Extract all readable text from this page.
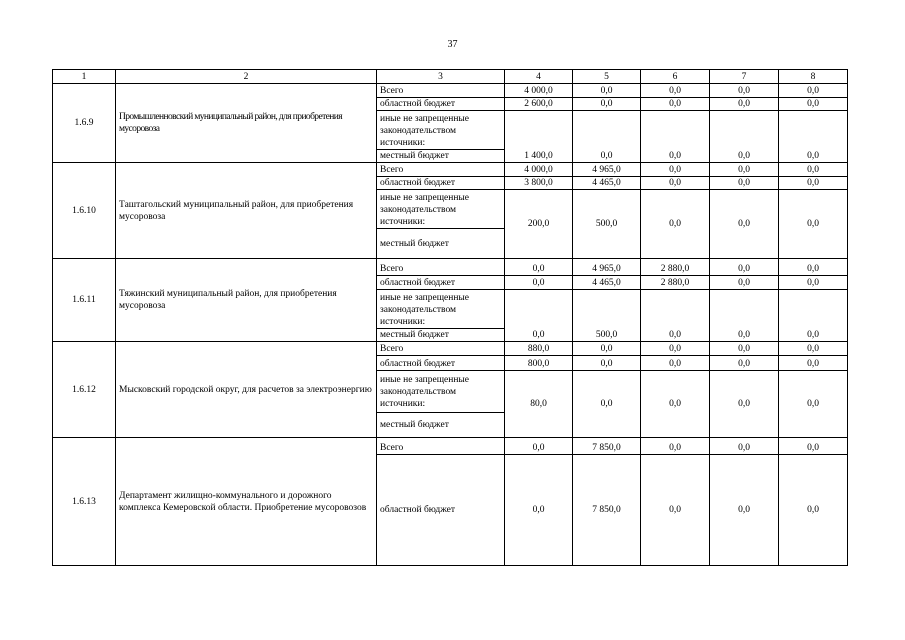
37
1	2	3	4	5	6	7	8
1.6.9	Промышленновский муниципальный район, для приобретения мусоровоза	Всего	4 000,0	0,0	0,0	0,0	0,0
		областной бюджет	2 600,0	0,0	0,0	0,0	0,0
		иные не запрещенные законодательством источники:	1 400,0	0,0	0,0	0,0	0,0
		местный бюджет					
1.6.10	Таштагольский муниципальный район, для приобретения мусоровоза	Всего	4 000,0	4 965,0	0,0	0,0	0,0
		областной бюджет	3 800,0	4 465,0	0,0	0,0	0,0
		иные не запрещенные законодательством источники:	200,0	500,0	0,0	0,0	0,0
		местный бюджет					
1.6.11	Тяжинский муниципальный район, для приобретения мусоровоза	Всего	0,0	4 965,0	2 880,0	0,0	0,0
		областной бюджет	0,0	4 465,0	2 880,0	0,0	0,0
		иные не запрещенные законодательством источники:	0,0	500,0	0,0	0,0	0,0
		местный бюджет					
1.6.12	Мысковский городской округ, для расчетов за электроэнергию	Всего	880,0	0,0	0,0	0,0	0,0
		областной бюджет	800,0	0,0	0,0	0,0	0,0
		иные не запрещенные законодательством источники:	80,0	0,0	0,0	0,0	0,0
		местный бюджет					
1.6.13	Департамент жилищно-коммунального и дорожного комплекса Кемеровской области. Приобретение мусоровозов	Всего	0,0	7 850,0	0,0	0,0	0,0
		областной бюджет	0,0	7 850,0	0,0	0,0	0,0
